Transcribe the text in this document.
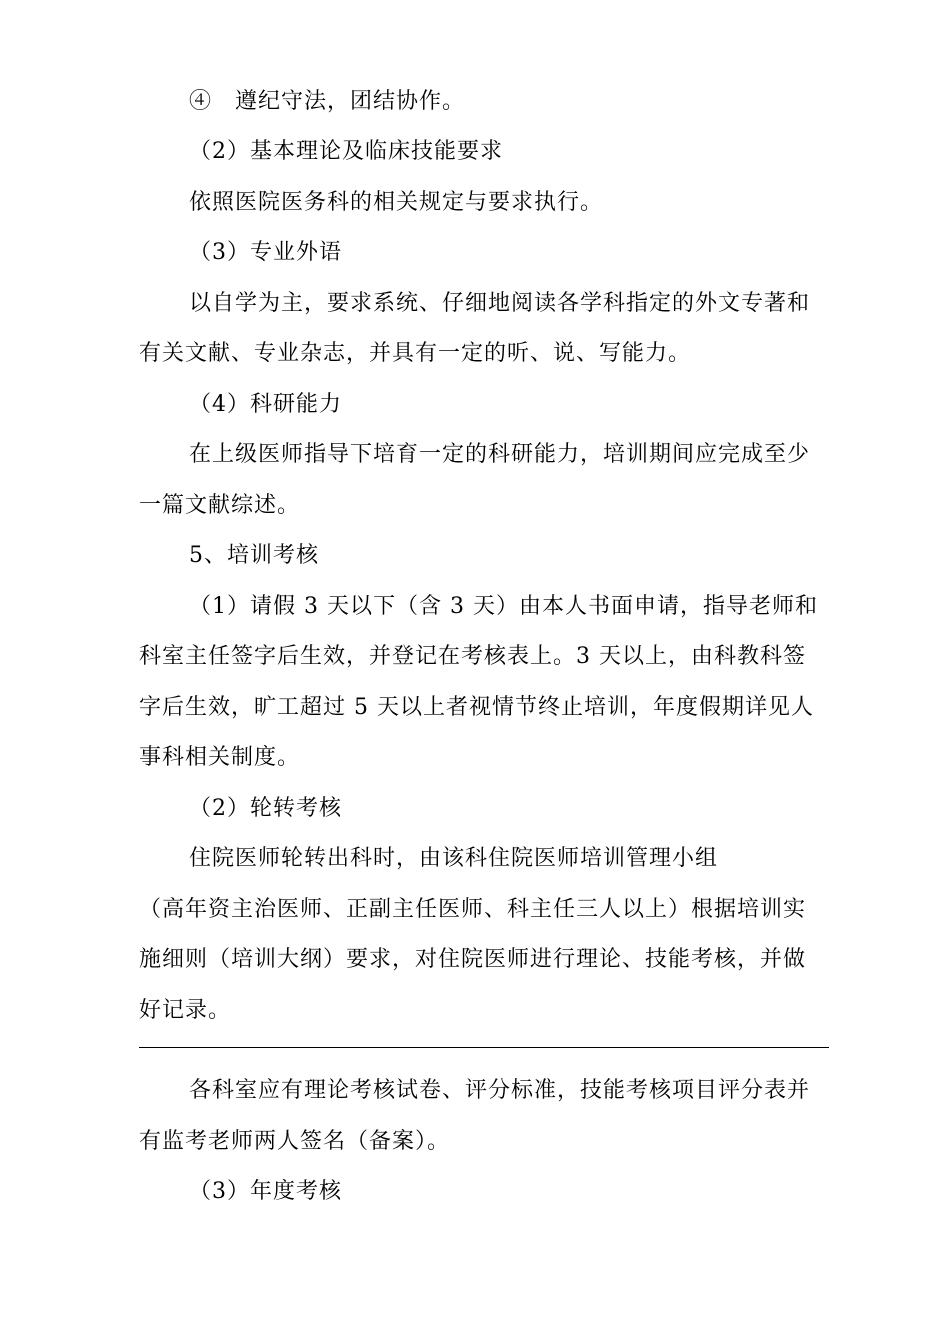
④　遵纪守法，团结协作。
（2）基本理论及临床技能要求
依照医院医务科的相关规定与要求执行。
（3）专业外语
以自学为主，要求系统、仔细地阅读各学科指定的外文专著和
有关文献、专业杂志，并具有一定的听、说、写能力。
（4）科研能力
在上级医师指导下培育一定的科研能力，培训期间应完成至少
一篇文献综述。
5、培训考核
（1）请假 3 天以下（含 3 天）由本人书面申请，指导老师和
科室主任签字后生效，并登记在考核表上。3 天以上，由科教科签
字后生效，旷工超过 5 天以上者视情节终止培训，年度假期详见人
事科相关制度。
（2）轮转考核
住院医师轮转出科时，由该科住院医师培训管理小组
（高年资主治医师、正副主任医师、科主任三人以上）根据培训实
施细则（培训大纲）要求，对住院医师进行理论、技能考核，并做
好记录。
各科室应有理论考核试卷、评分标准，技能考核项目评分表并
有监考老师两人签名（备案）。
（3）年度考核
